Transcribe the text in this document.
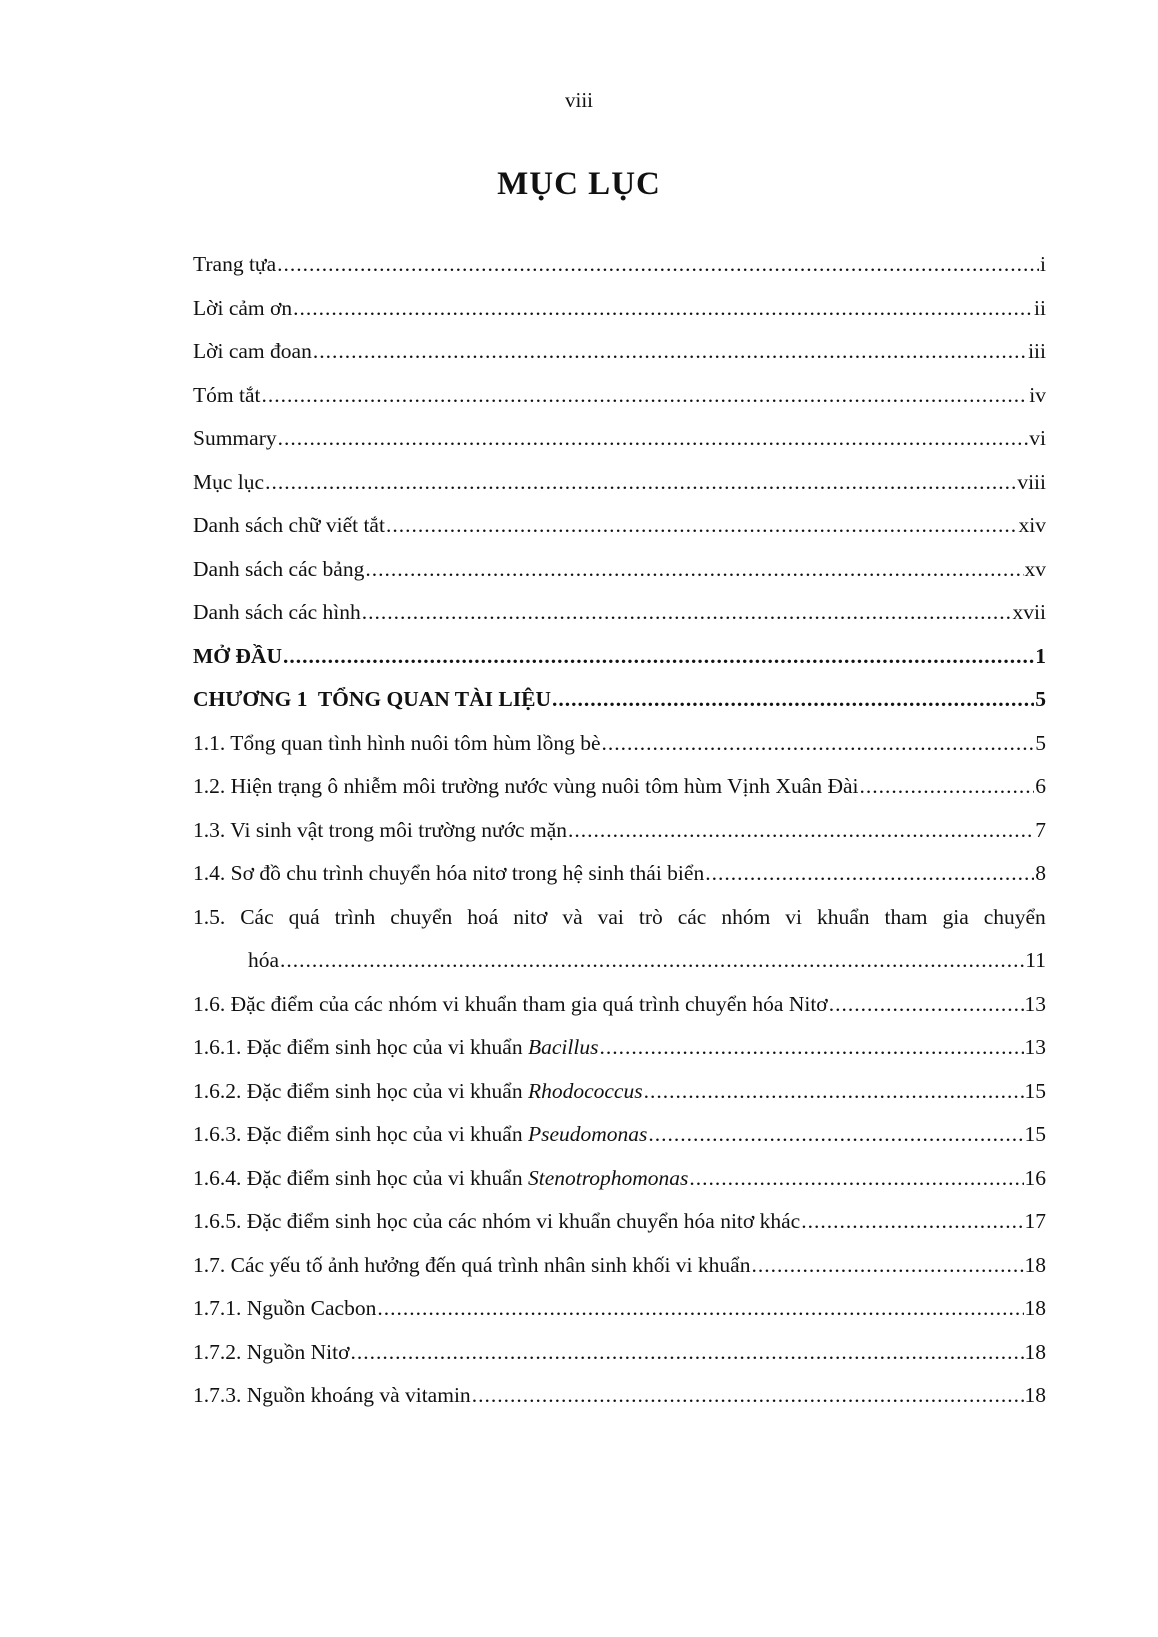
viii
MỤC LỤC
Trang tựa .....	i
Lời cảm ơn .....	ii
Lời cam đoan .....	iii
Tóm tắt .....	iv
Summary .....	vi
Mục lục .....	viii
Danh sách chữ viết tắt .....	xiv
Danh sách các bảng .....	xv
Danh sách các hình .....	xvii
MỞ ĐẦU .....	1
CHƯƠNG 1  TỔNG QUAN TÀI LIỆU .....	5
1.1. Tổng quan tình hình nuôi tôm hùm lồng bè .....	5
1.2. Hiện trạng ô nhiễm môi trường nước vùng nuôi tôm hùm Vịnh Xuân Đài .....	6
1.3. Vi sinh vật trong môi trường nước mặn .....	7
1.4. Sơ đồ chu trình chuyển hóa nitơ trong hệ sinh thái biển .....	8
1.5. Các quá trình chuyển hoá nitơ và vai trò các nhóm vi khuẩn tham gia chuyển
hóa .....	11
1.6. Đặc điểm của các nhóm vi khuẩn tham gia quá trình chuyển hóa Nitơ .....	13
1.6.1. Đặc điểm sinh học của vi khuẩn Bacillus .....	13
1.6.2. Đặc điểm sinh học của vi khuẩn Rhodococcus .....	15
1.6.3. Đặc điểm sinh học của vi khuẩn Pseudomonas .....	15
1.6.4. Đặc điểm sinh học của vi khuẩn Stenotrophomonas .....	16
1.6.5. Đặc điểm sinh học của các nhóm vi khuẩn chuyển hóa nitơ khác .....	17
1.7. Các yếu tố ảnh hưởng đến quá trình nhân sinh khối vi khuẩn .....	18
1.7.1. Nguồn Cacbon .....	18
1.7.2. Nguồn Nitơ .....	18
1.7.3. Nguồn khoáng và vitamin .....	18
